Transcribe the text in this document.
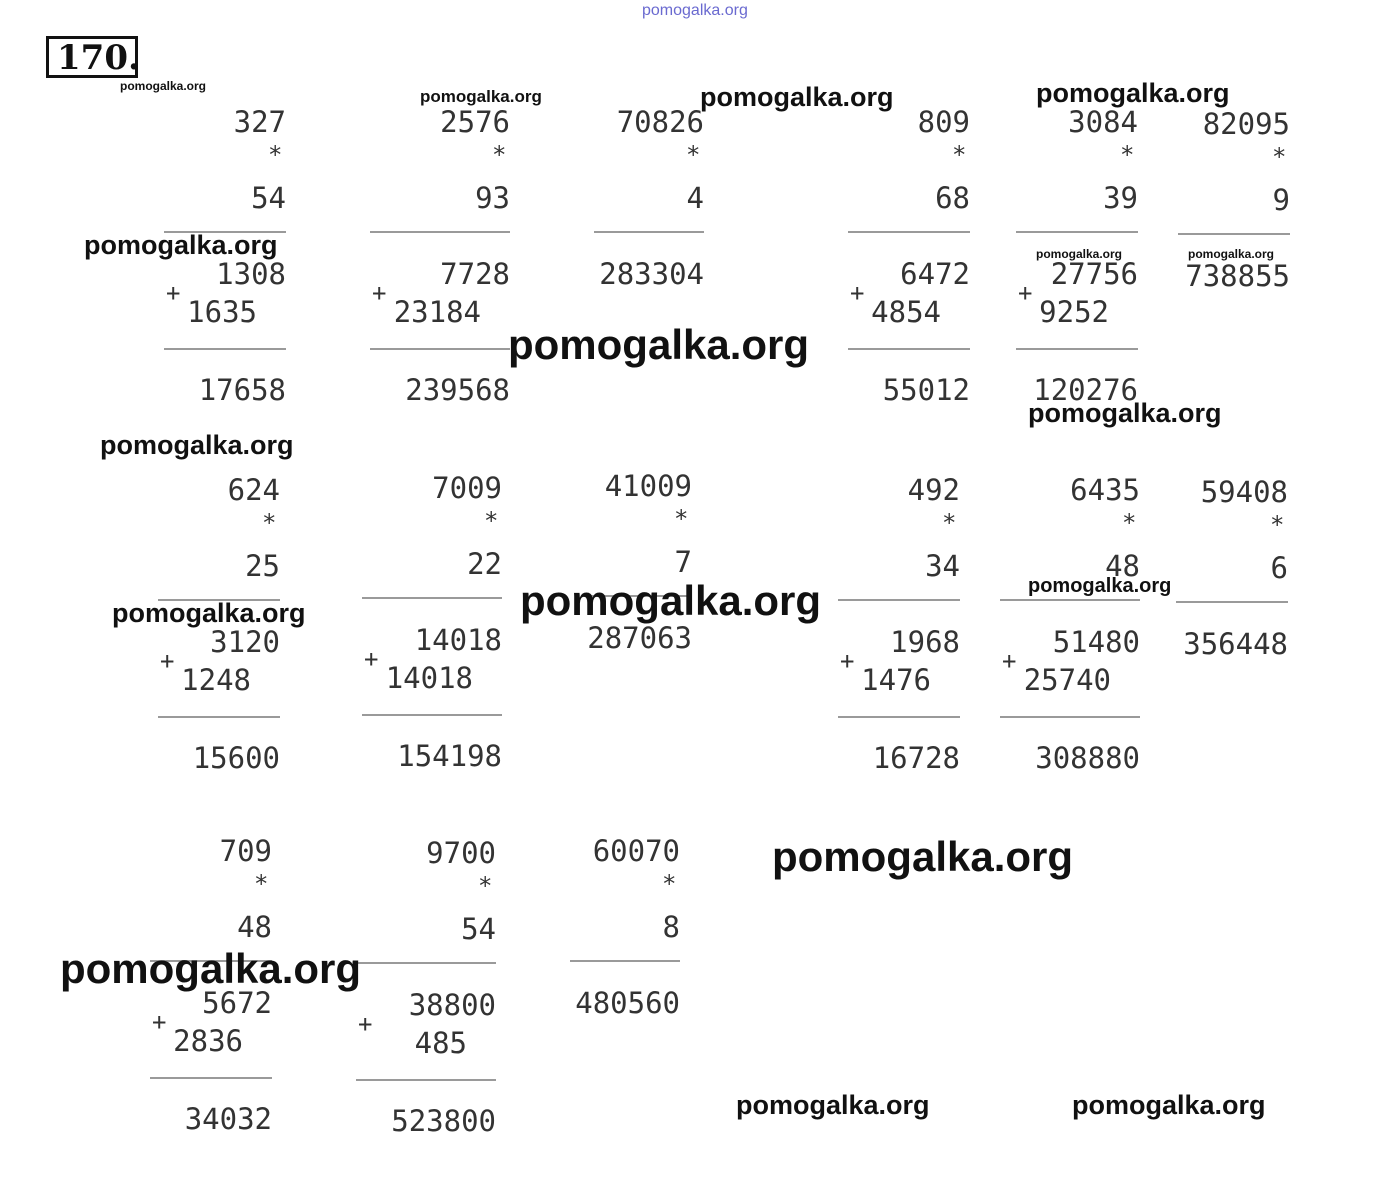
170.
327
*
54
1308
1635
+
17658
2576
*
93
7728
23184
+
239568
70826
*
4
283304
809
*
68
6472
4854
+
55012
3084
*
39
27756
9252
+
120276
82095
*
9
738855
624
*
25
3120
1248
+
15600
7009
*
22
14018
14018
+
154198
41009
*
7
287063
492
*
34
1968
1476
+
16728
6435
*
48
51480
25740
+
308880
59408
*
6
356448
709
*
48
5672
2836
+
34032
9700
*
54
38800
485
+
523800
60070
*
8
480560
pomogalka.org
pomogalka.org
pomogalka.org	pomogalka.org	pomogalka.org
pomogalka.org	pomogalka.org	pomogalka.org
pomogalka.org
pomogalka.org
pomogalka.org
pomogalka.org	pomogalka.org	pomogalka.org
pomogalka.org
pomogalka.org
pomogalka.org	pomogalka.org
